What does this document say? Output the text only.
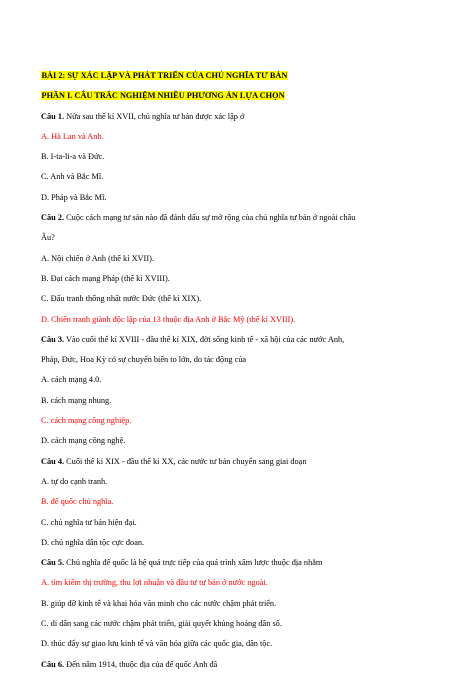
BÀI 2: SỰ XÁC LẬP VÀ PHÁT TRIỂN CỦA CHỦ NGHĨA TƯ BẢN

PHẦN I. CÂU TRẮC NGHIỆM NHIỀU PHƯƠNG ÁN LỰA CHỌN

Câu 1. Nửa sau thế kỉ XVII, chủ nghĩa tư bản được xác lập ở

A. Hà Lan và Anh.

B. I-ta-li-a và Đức.

C. Anh và Bắc Mĩ.

D. Pháp và Bắc Mĩ.

Câu 2. Cuộc cách mạng tư sản nào đã đánh dấu sự mở rộng của chủ nghĩa tư bản ở ngoài châu

Âu?

A. Nội chiến ở Anh (thế kỉ XVII).

B. Đại cách mạng Pháp (thế kỉ XVIII).

C. Đấu tranh thống nhất nước Đức (thế kỉ XIX).

D. Chiến tranh giành độc lập của 13 thuộc địa Anh ở Bắc Mỹ (thế kỉ XVIII).

Câu 3. Vào cuối thế kỉ XVIII - đầu thế kỉ XIX, đời sống kinh tế - xã hội của các nước Anh,

Pháp, Đức, Hoa Kỳ có sự chuyển biến to lớn, do tác động của

A. cách mạng 4.0.

B. cách mạng nhung.

C. cách mạng công nghiệp.

D. cách mạng công nghệ.

Câu 4. Cuối thế kỉ XIX - đầu thế kỉ XX, các nước tư bản chuyển sang giai đoạn

A. tự do cạnh tranh.

B. đế quốc chủ nghĩa.

C. chủ nghĩa tư bản hiện đại.

D. chủ nghĩa dân tộc cực đoan.

Câu 5. Chủ nghĩa đế quốc là hệ quả trực tiếp của quá trình xâm lược thuộc địa nhằm

A. tìm kiếm thị trường, thu lợi nhuận và đầu tư tư bản ở nước ngoài.

B. giúp đỡ kinh tế và khai hóa văn minh cho các nước chậm phát triển.

C. di dân sang các nước chậm phát triển, giải quyết khủng hoảng dân số.

D. thúc đẩy sự giao lưu kinh tế và văn hóa giữa các quốc gia, dân tộc.

Câu 6. Đến năm 1914, thuộc địa của đế quốc Anh đã
